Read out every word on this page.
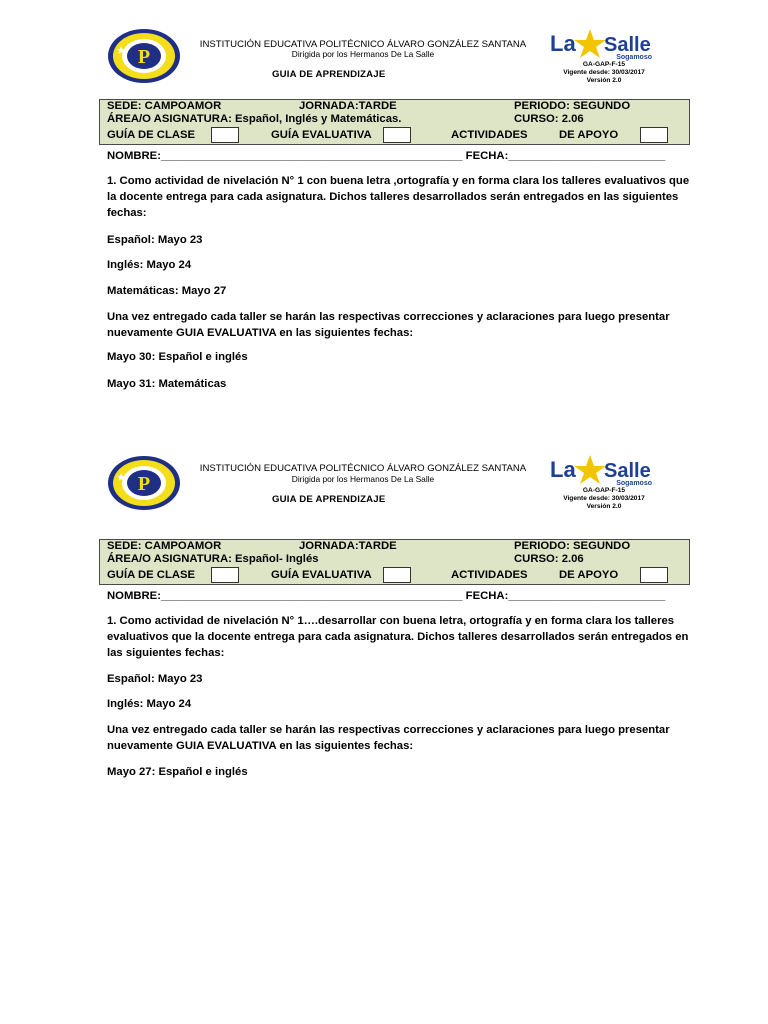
P
INSTITUCIÓN EDUCATIVA POLITÉCNICO ÁLVARO GONZÁLEZ SANTANA
Dirigida por los Hermanos De La Salle
GUIA DE APRENDIZAJE
La Salle
Sogamoso
GA-GAP-F-15
Vigente desde: 30/03/2017
Versión 2.0
SEDE: CAMPOAMOR	JORNADA:TARDE	PERIODO: SEGUNDO
ÁREA/O ASIGNATURA: Español, Inglés y Matemáticas.	CURSO: 2.06
GUÍA DE CLASE	GUÍA EVALUATIVA	ACTIVIDADES	DE APOYO
NOMBRE:________________________________________________ FECHA:_________________________
1. Como actividad de nivelación N° 1 con buena letra ,ortografía y en forma clara los talleres evaluativos que la docente entrega para cada asignatura. Dichos talleres desarrollados serán entregados en las siguientes fechas:
Español: Mayo 23
Inglés: Mayo 24
Matemáticas: Mayo 27
Una vez entregado cada taller se harán las respectivas correcciones y aclaraciones para luego presentar nuevamente GUIA EVALUATIVA en las siguientes fechas:
Mayo 30: Español e inglés
Mayo 31: Matemáticas
P
INSTITUCIÓN EDUCATIVA POLITÉCNICO ÁLVARO GONZÁLEZ SANTANA
Dirigida por los Hermanos De La Salle
GUIA DE APRENDIZAJE
La Salle
Sogamoso
GA-GAP-F-15
Vigente desde: 30/03/2017
Versión 2.0
SEDE: CAMPOAMOR	JORNADA:TARDE	PERIODO: SEGUNDO
ÁREA/O ASIGNATURA: Español- Inglés	CURSO: 2.06
GUÍA DE CLASE	GUÍA EVALUATIVA	ACTIVIDADES	DE APOYO
NOMBRE:________________________________________________ FECHA:_________________________
1. Como actividad de nivelación N° 1….desarrollar con buena letra, ortografía y en forma clara los talleres evaluativos que la docente entrega para cada asignatura. Dichos talleres desarrollados serán entregados en las siguientes fechas:
Español: Mayo 23
Inglés: Mayo 24
Una vez entregado cada taller se harán las respectivas correcciones y aclaraciones para luego presentar nuevamente GUIA EVALUATIVA en las siguientes fechas:
Mayo 27: Español e inglés
